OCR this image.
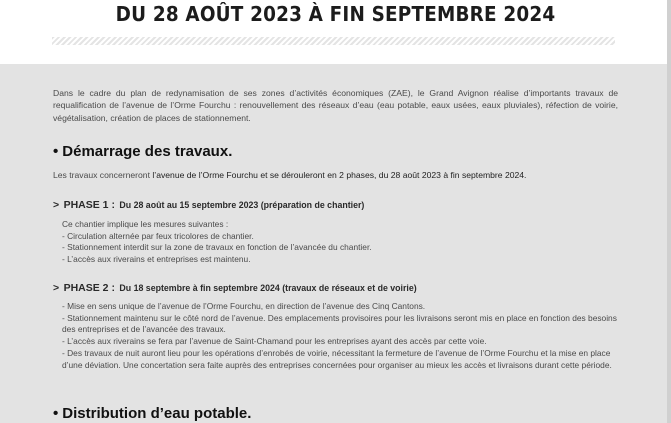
DU 28 AOÛT 2023 À FIN SEPTEMBRE 2024

Dans le cadre du plan de redynamisation de ses zones d’activités économiques (ZAE), le Grand Avignon réalise d’importants travaux de requalification de l’avenue de l’Orme Fourchu : renouvellement des réseaux d’eau (eau potable, eaux usées, eaux pluviales), réfection de voirie, végétalisation, création de places de stationnement.

• Démarrage des travaux.

Les travaux concerneront l’avenue de l’Orme Fourchu et se dérouleront en 2 phases, du 28 août 2023 à fin septembre 2024.

> PHASE 1 : Du 28 août au 15 septembre 2023 (préparation de chantier)
Ce chantier implique les mesures suivantes :
- Circulation alternée par feux tricolores de chantier.
- Stationnement interdit sur la zone de travaux en fonction de l’avancée du chantier.
- L’accès aux riverains et entreprises est maintenu.
> PHASE 2 : Du 18 septembre à fin septembre 2024 (travaux de réseaux et de voirie)
- Mise en sens unique de l’avenue de l’Orme Fourchu, en direction de l’avenue des Cinq Cantons.
- Stationnement maintenu sur le côté nord de l’avenue. Des emplacements provisoires pour les livraisons seront mis en place en fonction des besoins des entreprises et de l’avancée des travaux.
- L’accès aux riverains se fera par l’avenue de Saint-Chamand pour les entreprises ayant des accès par cette voie.
- Des travaux de nuit auront lieu pour les opérations d’enrobés de voirie, nécessitant la fermeture de l’avenue de l’Orme Fourchu et la mise en place d’une déviation. Une concertation sera faite auprès des entreprises concernées pour organiser au mieux les accès et livraisons durant cette période.
• Distribution d’eau potable.
